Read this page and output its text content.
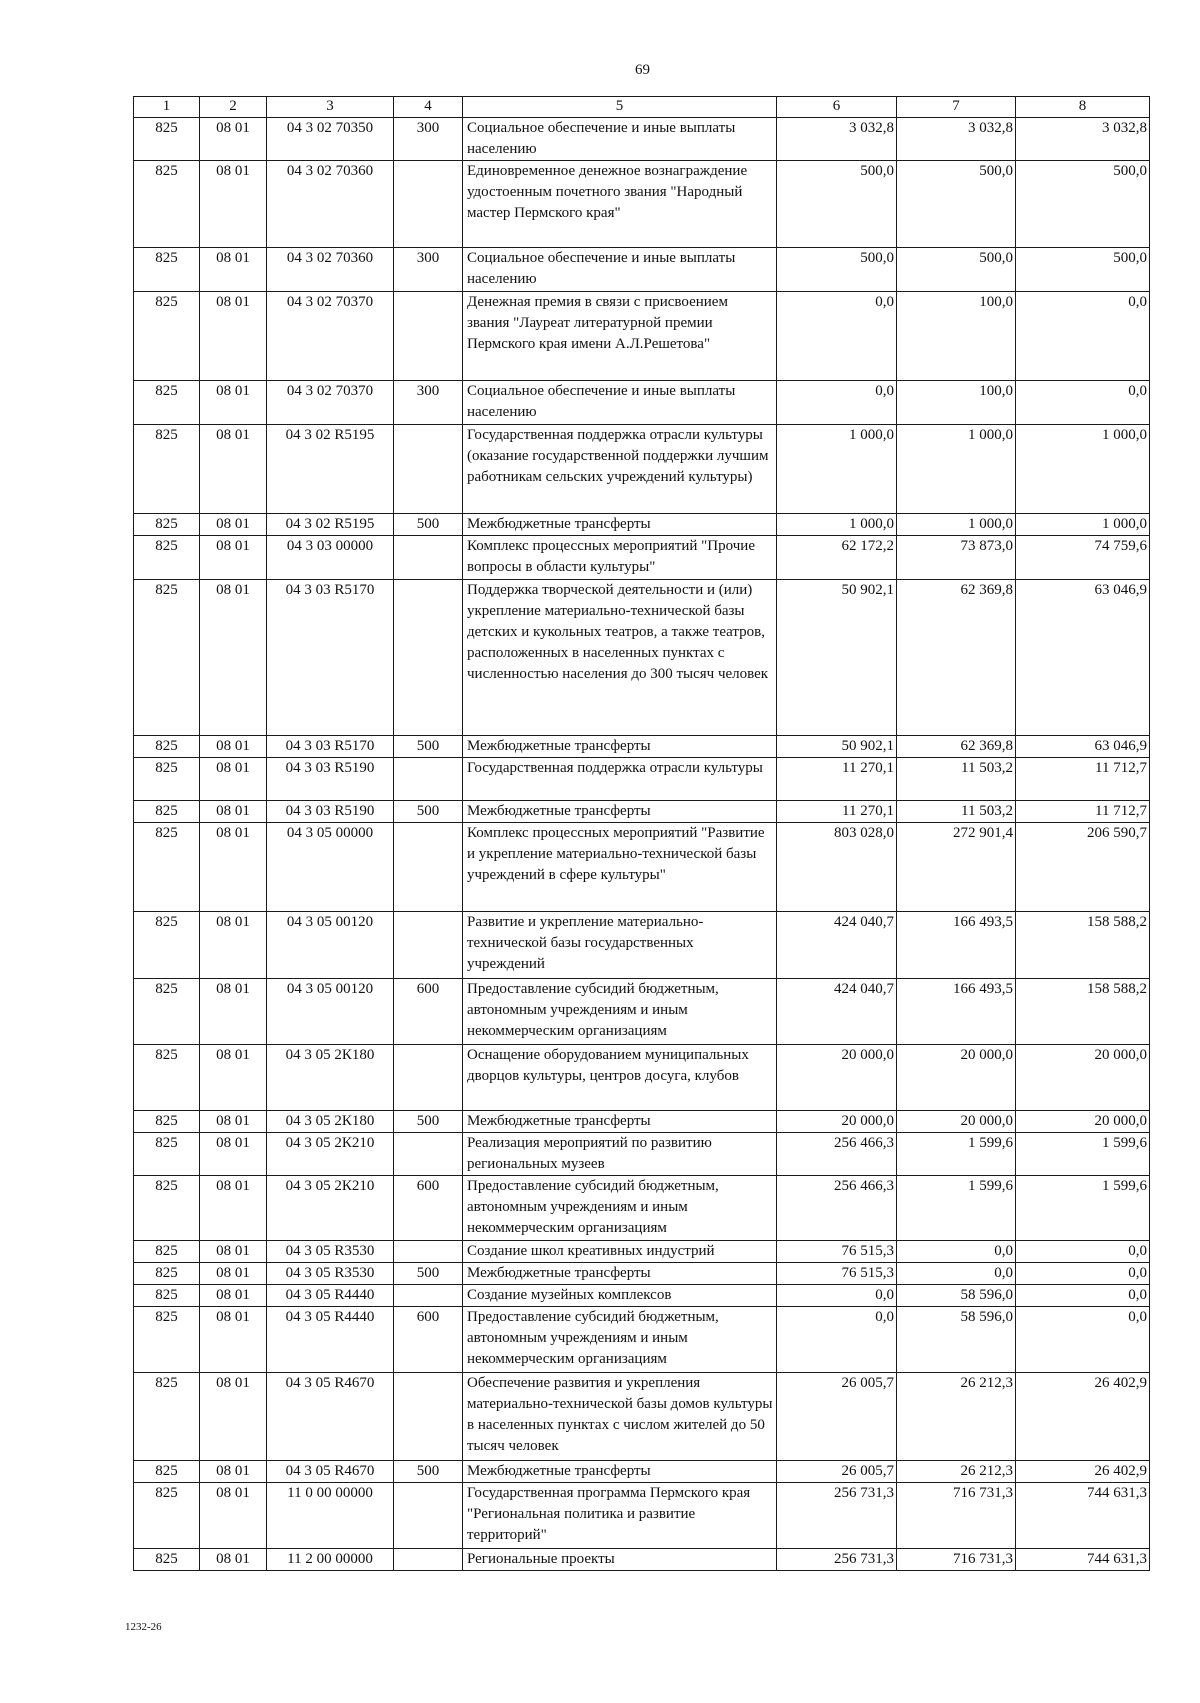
69
1	2	3	4	5	6	7	8
825	08 01	04 3 02 70350	300	Социальное обеспечение и иные выплаты населению	3 032,8	3 032,8	3 032,8
825	08 01	04 3 02 70360		Единовременное денежное вознаграждение удостоенным почетного звания "Народный мастер Пермского края"	500,0	500,0	500,0
825	08 01	04 3 02 70360	300	Социальное обеспечение и иные выплаты населению	500,0	500,0	500,0
825	08 01	04 3 02 70370		Денежная премия в связи с присвоением звания "Лауреат литературной премии Пермского края имени А.Л.Решетова"	0,0	100,0	0,0
825	08 01	04 3 02 70370	300	Социальное обеспечение и иные выплаты населению	0,0	100,0	0,0
825	08 01	04 3 02 R5195		Государственная поддержка отрасли культуры (оказание государственной поддержки лучшим работникам сельских учреждений культуры)	1 000,0	1 000,0	1 000,0
825	08 01	04 3 02 R5195	500	Межбюджетные трансферты	1 000,0	1 000,0	1 000,0
825	08 01	04 3 03 00000		Комплекс процессных мероприятий "Прочие вопросы в области культуры"	62 172,2	73 873,0	74 759,6
825	08 01	04 3 03 R5170		Поддержка творческой деятельности и (или) укрепление материально-технической базы детских и кукольных театров, а также театров, расположенных в населенных пунктах с численностью населения до 300 тысяч человек	50 902,1	62 369,8	63 046,9
825	08 01	04 3 03 R5170	500	Межбюджетные трансферты	50 902,1	62 369,8	63 046,9
825	08 01	04 3 03 R5190		Государственная поддержка отрасли культуры	11 270,1	11 503,2	11 712,7
825	08 01	04 3 03 R5190	500	Межбюджетные трансферты	11 270,1	11 503,2	11 712,7
825	08 01	04 3 05 00000		Комплекс процессных мероприятий "Развитие и укрепление материально-технической базы учреждений в сфере культуры"	803 028,0	272 901,4	206 590,7
825	08 01	04 3 05 00120		Развитие и укрепление материально-технической базы государственных учреждений	424 040,7	166 493,5	158 588,2
825	08 01	04 3 05 00120	600	Предоставление субсидий бюджетным, автономным учреждениям и иным некоммерческим организациям	424 040,7	166 493,5	158 588,2
825	08 01	04 3 05 2К180		Оснащение оборудованием муниципальных дворцов культуры, центров досуга, клубов	20 000,0	20 000,0	20 000,0
825	08 01	04 3 05 2К180	500	Межбюджетные трансферты	20 000,0	20 000,0	20 000,0
825	08 01	04 3 05 2К210		Реализация мероприятий по развитию региональных музеев	256 466,3	1 599,6	1 599,6
825	08 01	04 3 05 2К210	600	Предоставление субсидий бюджетным, автономным учреждениям и иным некоммерческим организациям	256 466,3	1 599,6	1 599,6
825	08 01	04 3 05 R3530		Создание школ креативных индустрий	76 515,3	0,0	0,0
825	08 01	04 3 05 R3530	500	Межбюджетные трансферты	76 515,3	0,0	0,0
825	08 01	04 3 05 R4440		Создание музейных комплексов	0,0	58 596,0	0,0
825	08 01	04 3 05 R4440	600	Предоставление субсидий бюджетным, автономным учреждениям и иным некоммерческим организациям	0,0	58 596,0	0,0
825	08 01	04 3 05 R4670		Обеспечение развития и укрепления материально-технической базы домов культуры в населенных пунктах с числом жителей до 50 тысяч человек	26 005,7	26 212,3	26 402,9
825	08 01	04 3 05 R4670	500	Межбюджетные трансферты	26 005,7	26 212,3	26 402,9
825	08 01	11 0 00 00000		Государственная программа Пермского края "Региональная политика и развитие территорий"	256 731,3	716 731,3	744 631,3
825	08 01	11 2 00 00000		Региональные проекты	256 731,3	716 731,3	744 631,3
1232-26
